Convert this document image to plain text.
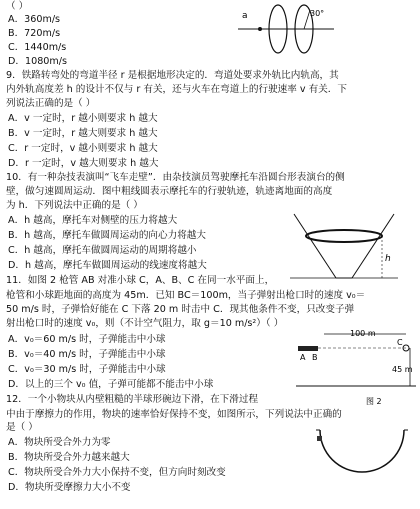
（ ）
A．360m/s
B．720m/s
C．1440m/s
D．1080m/s
9．铁路转弯处的弯道半径 r 是根据地形决定的．弯道处要求外轨比内轨高，其
内外轨高度差 h 的设计不仅与 r 有关，还与火车在弯道上的行驶速率 v 有关．下
列说法正确的是（ ）
A．v 一定时，r 越小则要求 h 越大
B．v 一定时，r 越大则要求 h 越大
C．r 一定时，v 越小则要求 h 越大
D．r 一定时，v 越大则要求 h 越大
10．有一种杂技表演叫“飞车走壁”．由杂技演员驾驶摩托车沿圆台形表演台的侧
壁，做匀速圆周运动．图中粗线圆表示摩托车的行驶轨迹，轨迹离地面的高度
为 h．下列说法中正确的是（ ）
A．h 越高，摩托车对侧壁的压力将越大
B．h 越高，摩托车做圆周运动的向心力将越大
C．h 越高，摩托车做圆周运动的周期将越小
D．h 越高，摩托车做圆周运动的线速度将越大
11．如图 2 枪管 AB 对准小球 C，A、B、C 在同一水平面上，
枪管和小球距地面的高度为 45m．已知 BC＝100m，当子弹射出枪口时的速度 v₀＝
50 m/s 时，子弹恰好能在 C 下落 20 m 时击中 C．现其他条件不变，只改变子弹
射出枪口时的速度 v₀，则（不计空气阻力，取 g＝10 m/s²）（ ）
A．v₀＝60 m/s 时，子弹能击中小球
B．v₀＝40 m/s 时，子弹能击中小球
C．v₀＝30 m/s 时，子弹能击中小球
D．以上的三个 v₀ 值，子弹可能都不能击中小球
12．一个小物块从内壁粗糙的半球形碗边下滑，在下滑过程
中由于摩擦力的作用，物块的速率恰好保持不变，如图所示，下列说法中正确的
是（ ）
A．物块所受合外力为零
B．物块所受合外力越来越大
C．物块所受合外力大小保持不变，但方向时刻改变
D．物块所受摩擦力大小不变
a	30°
h
A B
C
100 m
45 m
图 2
